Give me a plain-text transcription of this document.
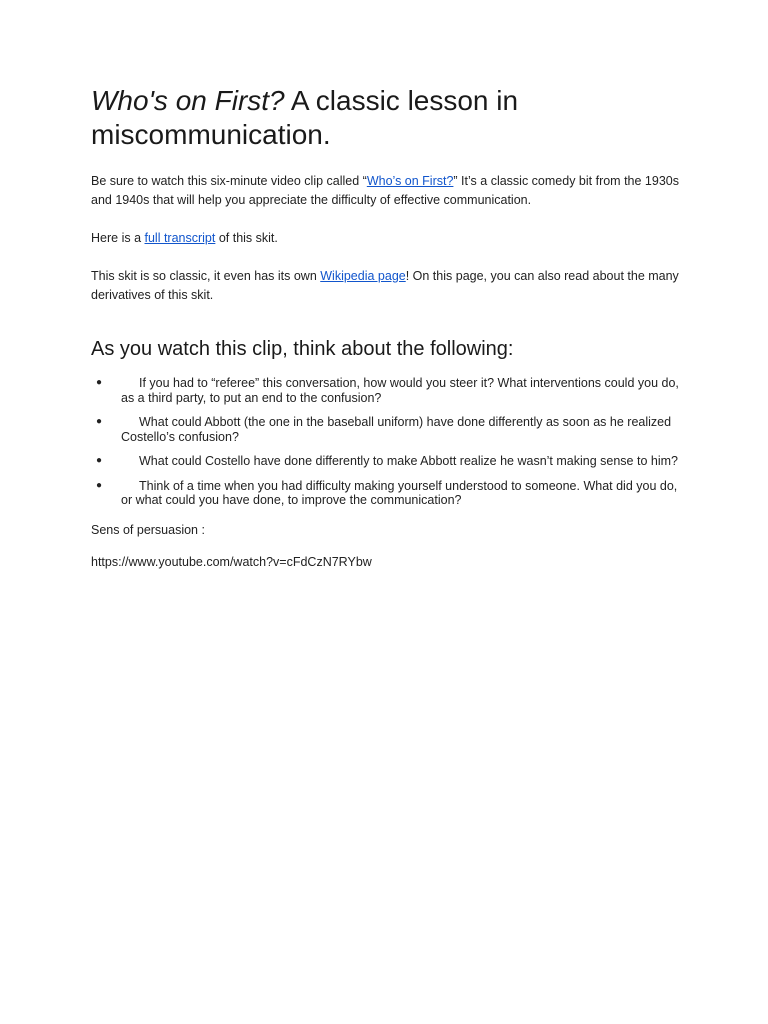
Who's on First? A classic lesson in miscommunication.

Be sure to watch this six-minute video clip called “Who’s on First?” It’s a classic comedy bit from the 1930s and 1940s that will help you appreciate the difficulty of effective communication.

Here is a full transcript of this skit.

This skit is so classic, it even has its own Wikipedia page! On this page, you can also read about the many derivatives of this skit.

As you watch this clip, think about the following:
●	If you had to “referee” this conversation, how would you steer it? What interventions could you do, as a third party, to put an end to the confusion?
●	What could Abbott (the one in the baseball uniform) have done differently as soon as he realized Costello’s confusion?
●	What could Costello have done differently to make Abbott realize he wasn’t making sense to him?
●	Think of a time when you had difficulty making yourself understood to someone. What did you do, or what could you have done, to improve the communication?

Sens of persuasion :

https://www.youtube.com/watch?v=cFdCzN7RYbw
